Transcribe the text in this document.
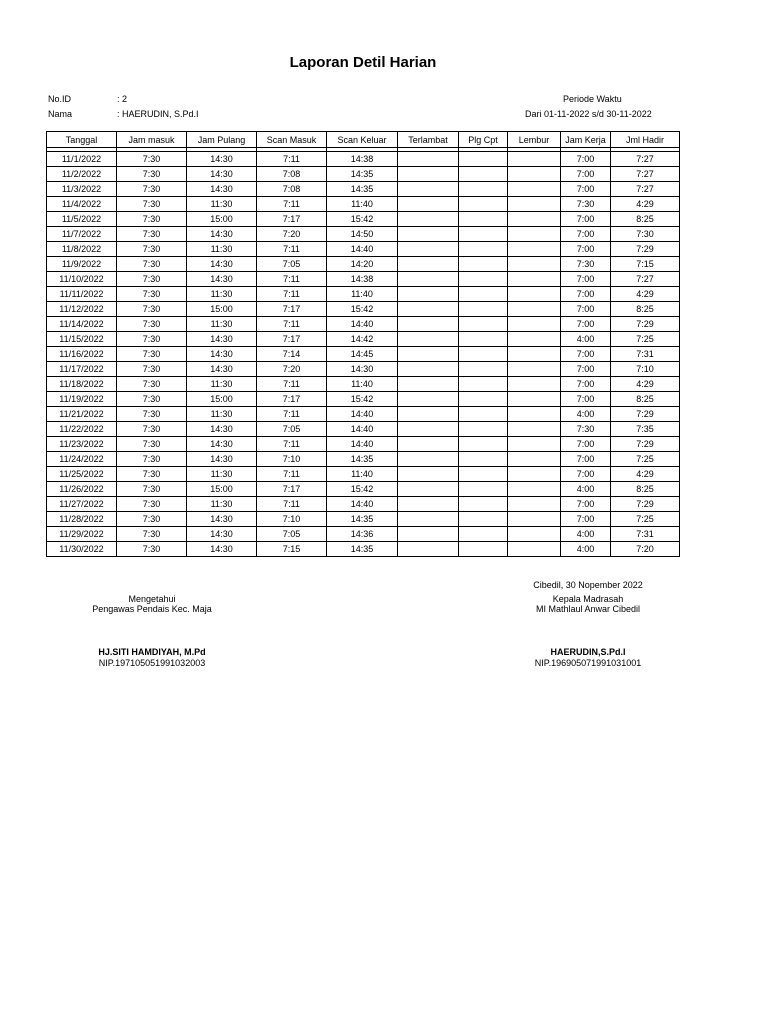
Laporan Detil Harian
No.ID	: 2
Nama	: HAERUDIN, S.Pd.I
Periode Waktu
Dari 01-11-2022 s/d 30-11-2022
Tanggal	Jam masuk	Jam Pulang	Scan Masuk	Scan Keluar	Terlambat	Plg Cpt	Lembur	Jam Kerja	Jml Hadir

11/1/2022	7:30	14:30	7:11	14:38				7:00	7:27
11/2/2022	7:30	14:30	7:08	14:35				7:00	7:27
11/3/2022	7:30	14:30	7:08	14:35				7:00	7:27
11/4/2022	7:30	11:30	7:11	11:40				7:30	4:29
11/5/2022	7:30	15:00	7:17	15:42				7:00	8:25
11/7/2022	7:30	14:30	7:20	14:50				7:00	7:30
11/8/2022	7:30	11:30	7:11	14:40				7:00	7:29
11/9/2022	7:30	14:30	7:05	14:20				7:30	7:15
11/10/2022	7:30	14:30	7:11	14:38				7:00	7:27
11/11/2022	7:30	11:30	7:11	11:40				7:00	4:29
11/12/2022	7:30	15:00	7:17	15:42				7:00	8:25
11/14/2022	7:30	11:30	7:11	14:40				7:00	7:29
11/15/2022	7:30	14:30	7:17	14:42				4:00	7:25
11/16/2022	7:30	14:30	7:14	14:45				7:00	7:31
11/17/2022	7:30	14:30	7:20	14:30				7:00	7:10
11/18/2022	7:30	11:30	7:11	11:40				7:00	4:29
11/19/2022	7:30	15:00	7:17	15:42				7:00	8:25
11/21/2022	7:30	11:30	7:11	14:40				4:00	7:29
11/22/2022	7:30	14:30	7:05	14:40				7:30	7:35
11/23/2022	7:30	14:30	7:11	14:40				7:00	7:29
11/24/2022	7:30	14:30	7:10	14:35				7:00	7:25
11/25/2022	7:30	11:30	7:11	11:40				7:00	4:29
11/26/2022	7:30	15:00	7:17	15:42				4:00	8:25
11/27/2022	7:30	11:30	7:11	14:40				7:00	7:29
11/28/2022	7:30	14:30	7:10	14:35				7:00	7:25
11/29/2022	7:30	14:30	7:05	14:36				4:00	7:31
11/30/2022	7:30	14:30	7:15	14:35				4:00	7:20
Cibedil, 30 Nopember 2022
Mengetahui
Pengawas Pendais Kec. Maja
Kepala Madrasah
MI Mathlaul Anwar Cibedil
HJ.SITI HAMDIYAH, M.Pd
NIP.197105051991032003
HAERUDIN,S.Pd.I
NIP.196905071991031001
